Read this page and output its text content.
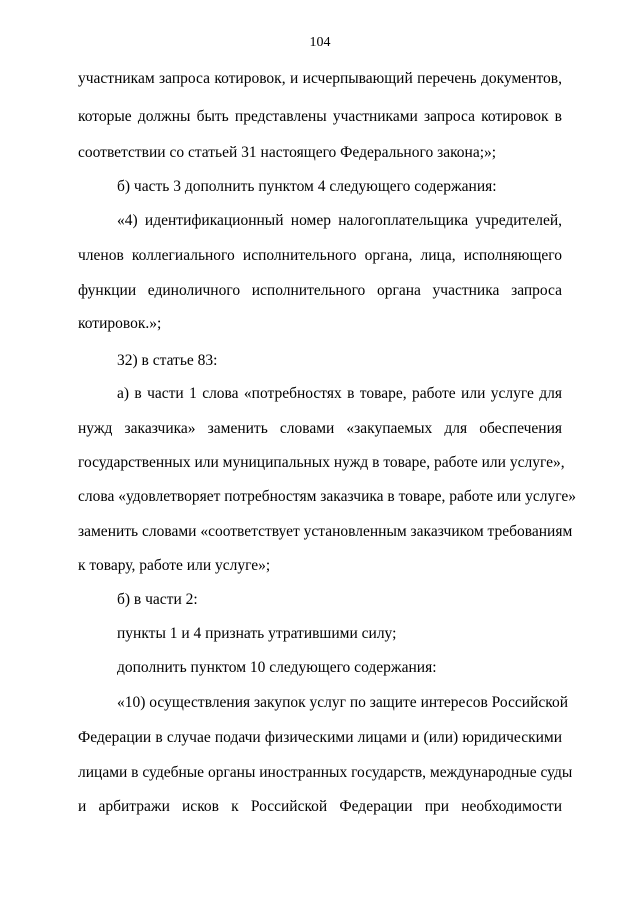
104
участникам запроса котировок, и исчерпывающий перечень документов,
которые должны быть представлены участниками запроса котировок в
соответствии со статьей 31 настоящего Федерального закона;»;
б) часть 3 дополнить пунктом 4 следующего содержания:
«4) идентификационный номер налогоплательщика учредителей,
членов коллегиального исполнительного органа, лица, исполняющего
функции единоличного исполнительного органа участника запроса
котировок.»;
32) в статье 83:
а) в части 1 слова «потребностях в товаре, работе или услуге для
нужд заказчика» заменить словами «закупаемых для обеспечения
государственных или муниципальных нужд в товаре, работе или услуге»,
слова «удовлетворяет потребностям заказчика в товаре, работе или услуге»
заменить словами «соответствует установленным заказчиком требованиям
к товару, работе или услуге»;
б) в части 2:
пункты 1 и 4 признать утратившими силу;
дополнить пунктом 10 следующего содержания:
«10) осуществления закупок услуг по защите интересов Российской
Федерации в случае подачи физическими лицами и (или) юридическими
лицами в судебные органы иностранных государств, международные суды
и арбитражи исков к Российской Федерации при необходимости
